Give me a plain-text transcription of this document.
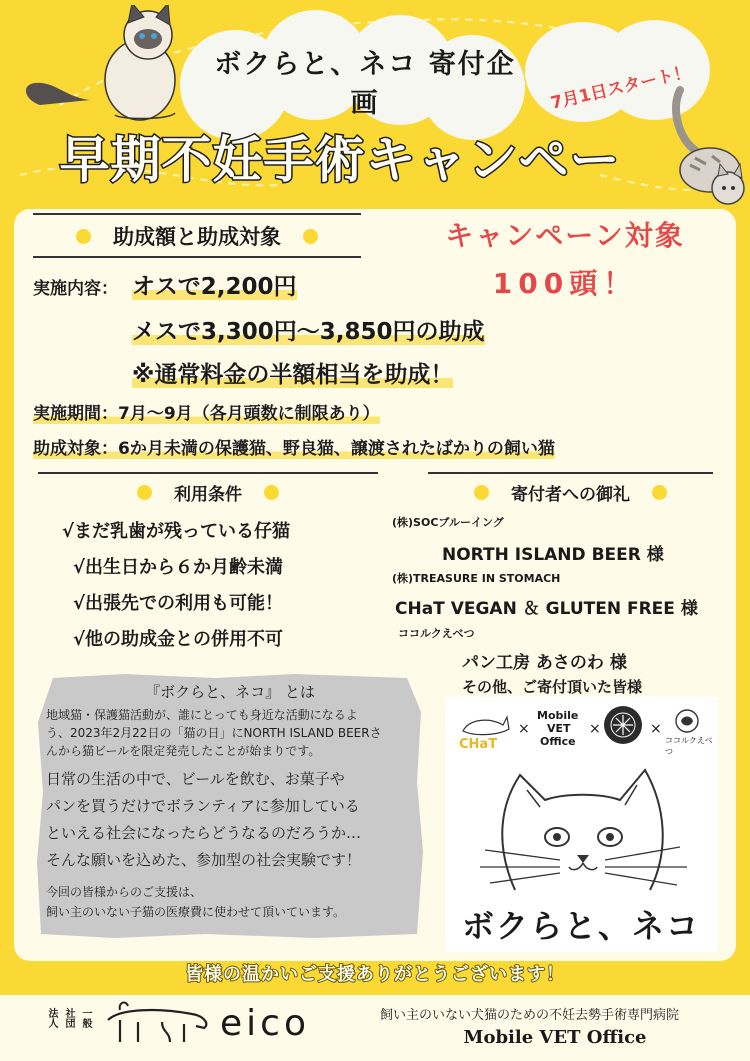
ボクらと、ネコ 寄付企画	7月1日スタート！
早期不妊手術キャンペー
助成額と助成対象
実施内容： オスで2,200円
メスで3,300円～3,850円の助成
※通常料金の半額相当を助成！
実施期間：7月～9月（各月頭数に制限あり）
助成対象：6か月未満の保護猫、野良猫、譲渡されたばかりの飼い猫
キャンペーン対象
100頭！
利用条件
√まだ乳歯が残っている仔猫
√出生日から６か月齢未満
√出張先での利用も可能！
√他の助成金との併用不可
寄付者への御礼
(株)SOCブルーイング
NORTH ISLAND BEER 様
(株)TREASURE IN STOMACH
CHaT VEGAN ＆ GLUTEN FREE 様
ココルクえべつ
パン工房 あさのわ 様
その他、ご寄付頂いた皆様
『ボクらと、ネコ』 とは
地域猫・保護猫活動が、誰にとっても身近な活動になるよ
う、2023年2月22日の「猫の日」にNORTH ISLAND BEERさ
んから猫ビールを限定発売したことが始まりです。
日常の生活の中で、ビールを飲む、お菓子や
パンを買うだけでボランティアに参加している
といえる社会になったらどうなるのだろうか…
そんな願いを込めた、参加型の社会実験です！
今回の皆様からのご支援は、
飼い主のいない子猫の医療費に使わせて頂いています。
CHaT
×
Mobile
VET
Office
×	×
ココルクえべつ
ボクらと、ネコ
皆様の温かいご支援ありがとうございます！
一般
社団
法人	eico	飼い主のいない犬猫のための不妊去勢手術専門病院
Mobile VET Office
